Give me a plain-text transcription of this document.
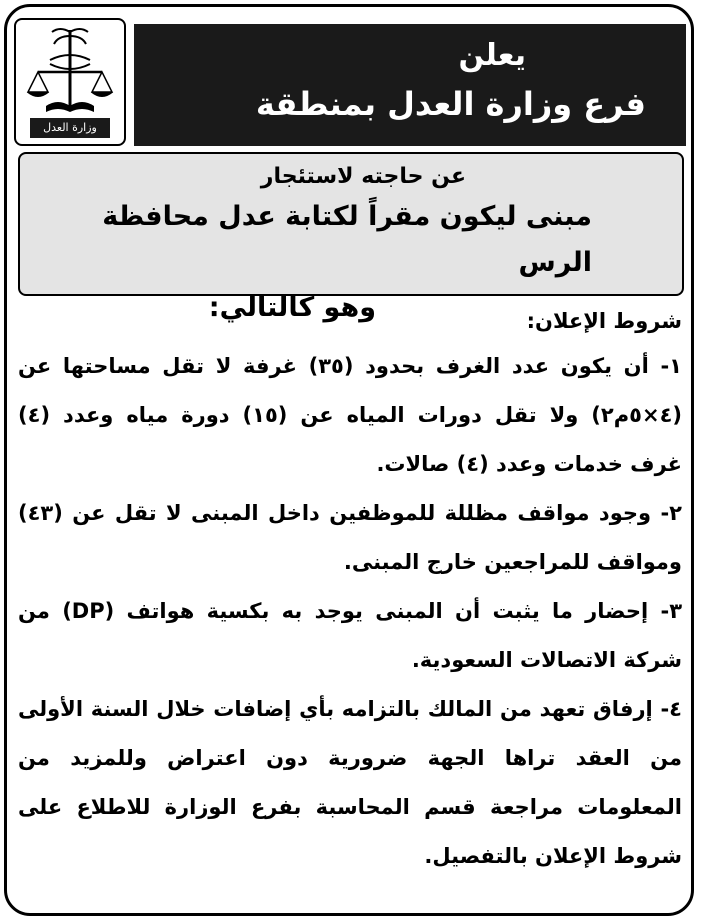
وزارة العدل
يعلن
فرع وزارة العدل بمنطقة
عن حاجته لاستئجار
مبنى ليكون مقراً لكتابة عدل محافظة الرس
وهو كالتالي:	شروط الإعلان:
١- أن يكون عدد الغرف بحدود (٣٥) غرفة لا تقل مساحتها عن (٤×٥م٢) ولا تقل دورات المياه عن (١٥) دورة مياه وعدد (٤) غرف خدمات وعدد (٤) صالات.
٢- وجود مواقف مظللة للموظفين داخل المبنى لا تقل عن (٤٣) ومواقف للمراجعين خارج المبنى.
٣- إحضار ما يثبت أن المبنى يوجد به بكسية هواتف (DP) من شركة الاتصالات السعودية.
٤- إرفاق تعهد من المالك بالتزامه بأي إضافات خلال السنة الأولى من العقد تراها الجهة ضرورية دون اعتراض وللمزيد من المعلومات مراجعة قسم المحاسبة بفرع الوزارة للاطلاع على شروط الإعلان بالتفصيل.
